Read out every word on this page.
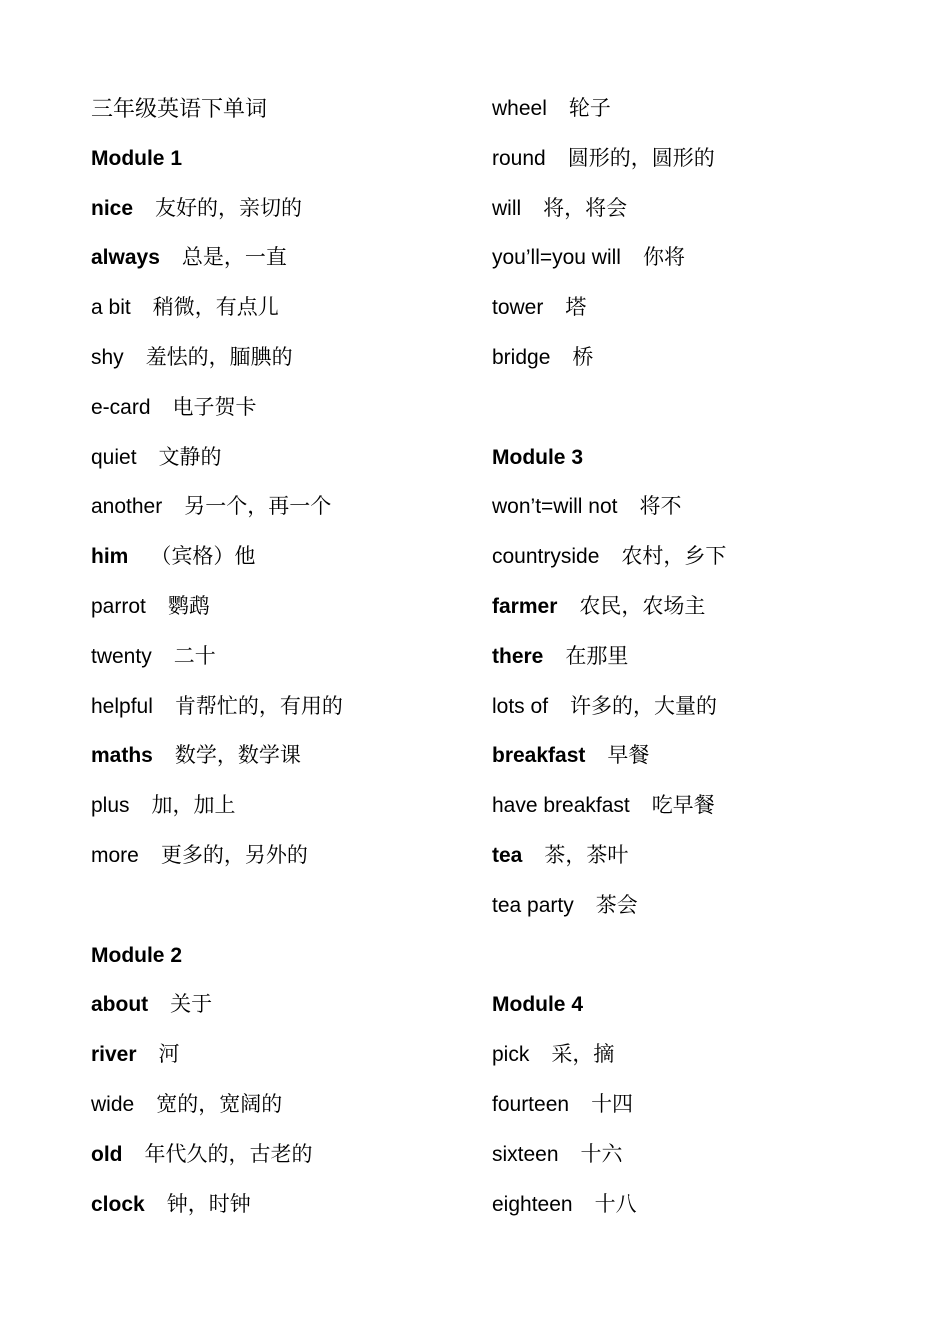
三年级英语下单词
Module 1
nice 友好的，亲切的
always 总是，一直
a bit 稍微，有点儿
shy 羞怯的，腼腆的
e-card 电子贺卡
quiet 文静的
another 另一个，再一个
him （宾格）他
parrot 鹦鹉
twenty 二十
helpful 肯帮忙的，有用的
maths 数学，数学课
plus 加，加上
more 更多的，另外的

Module 2
about 关于
river 河
wide 宽的，宽阔的
old 年代久的，古老的
clock 钟，时钟
wheel 轮子
round 圆形的，圆形的
will 将，将会
you’ll=you will 你将
tower 塔
bridge 桥

Module 3
won’t=will not 将不
countryside 农村，乡下
farmer 农民，农场主
there 在那里
lots of 许多的，大量的
breakfast 早餐
have breakfast 吃早餐
tea 茶，茶叶
tea party 茶会

Module 4
pick 采，摘
fourteen 十四
sixteen 十六
eighteen 十八
